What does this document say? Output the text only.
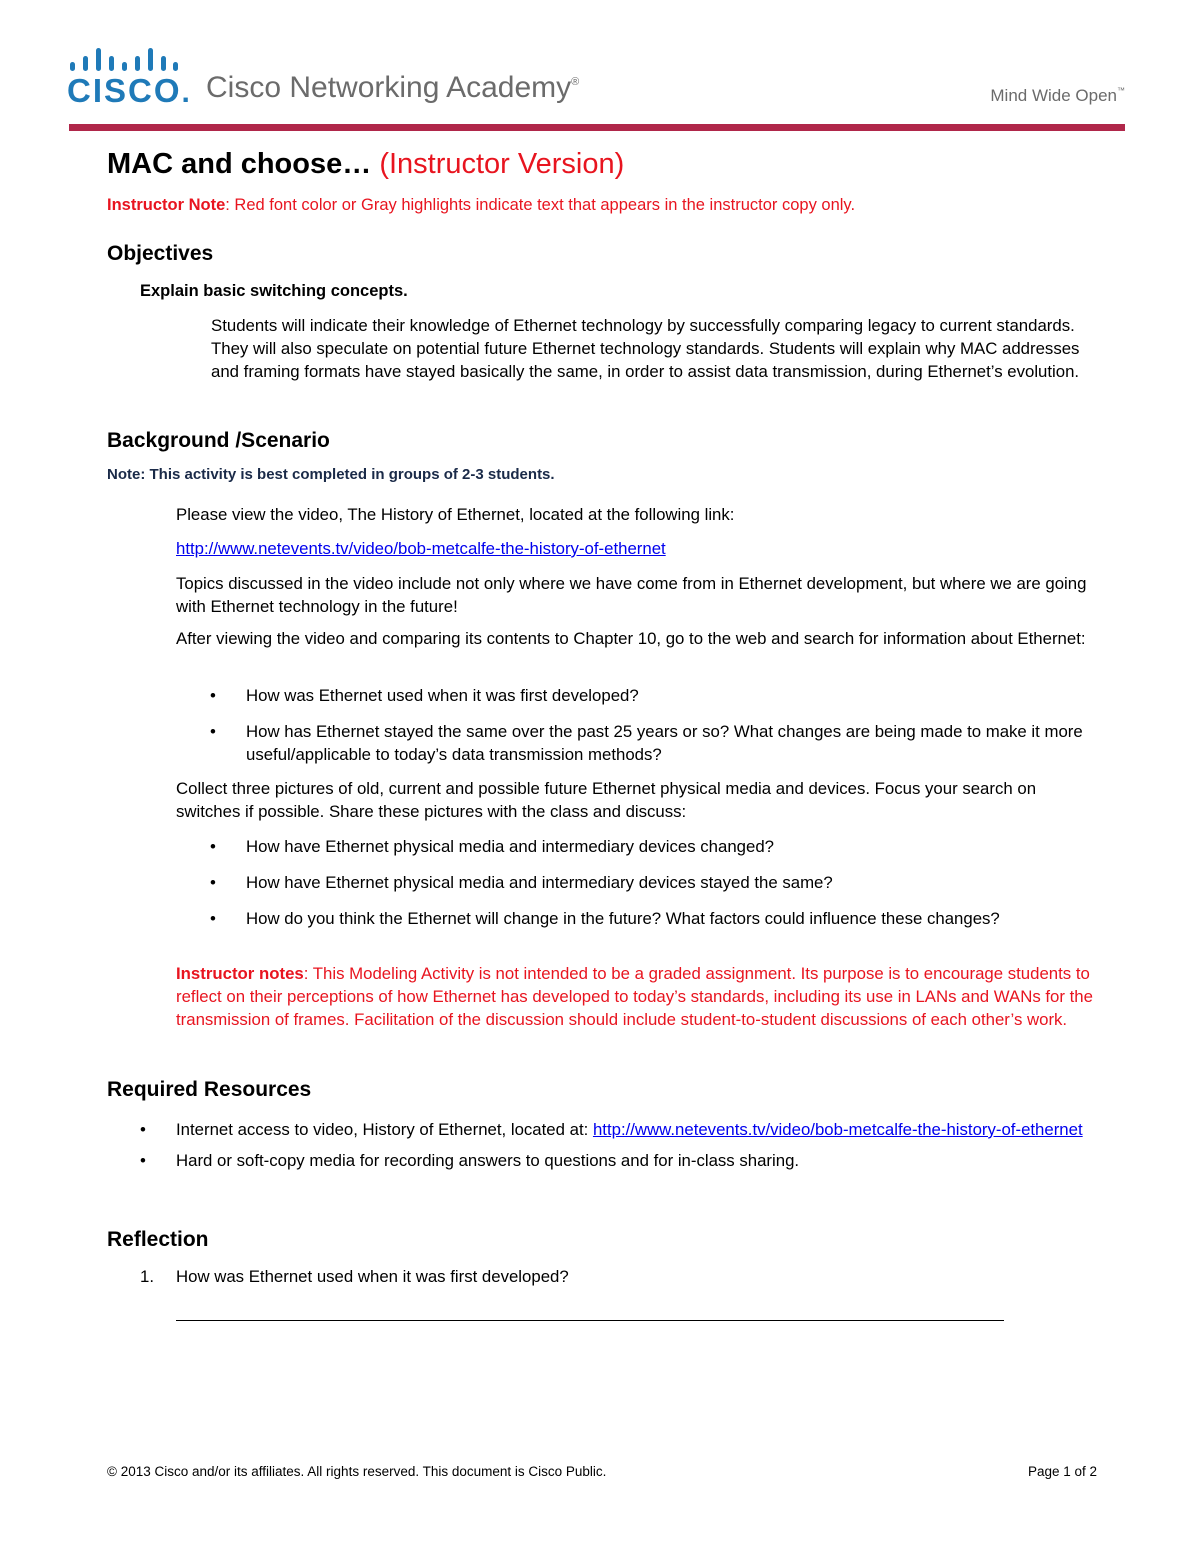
CISCO. Cisco Networking Academy®
Mind Wide Open™
MAC and choose… (Instructor Version)
Instructor Note: Red font color or Gray highlights indicate text that appears in the instructor copy only.
Objectives
Explain basic switching concepts.
Students will indicate their knowledge of Ethernet technology by successfully comparing legacy to current standards. They will also speculate on potential future Ethernet technology standards. Students will explain why MAC addresses and framing formats have stayed basically the same, in order to assist data transmission, during Ethernet’s evolution.
Background /Scenario
Note: This activity is best completed in groups of 2-3 students.
Please view the video, The History of Ethernet, located at the following link:
http://www.netevents.tv/video/bob-metcalfe-the-history-of-ethernet
Topics discussed in the video include not only where we have come from in Ethernet development, but where we are going with Ethernet technology in the future!
After viewing the video and comparing its contents to Chapter 10, go to the web and search for information about Ethernet:
• How was Ethernet used when it was first developed?
• How has Ethernet stayed the same over the past 25 years or so? What changes are being made to make it more useful/applicable to today’s data transmission methods?
Collect three pictures of old, current and possible future Ethernet physical media and devices. Focus your search on switches if possible. Share these pictures with the class and discuss:
• How have Ethernet physical media and intermediary devices changed?
• How have Ethernet physical media and intermediary devices stayed the same?
• How do you think the Ethernet will change in the future? What factors could influence these changes?
Instructor notes: This Modeling Activity is not intended to be a graded assignment. Its purpose is to encourage students to reflect on their perceptions of how Ethernet has developed to today’s standards, including its use in LANs and WANs for the transmission of frames. Facilitation of the discussion should include student-to-student discussions of each other’s work.
Required Resources
• Internet access to video, History of Ethernet, located at: http://www.netevents.tv/video/bob-metcalfe-the-history-of-ethernet
• Hard or soft-copy media for recording answers to questions and for in-class sharing.
Reflection
1. How was Ethernet used when it was first developed?
© 2013 Cisco and/or its affiliates. All rights reserved. This document is Cisco Public.	Page 1 of 2
